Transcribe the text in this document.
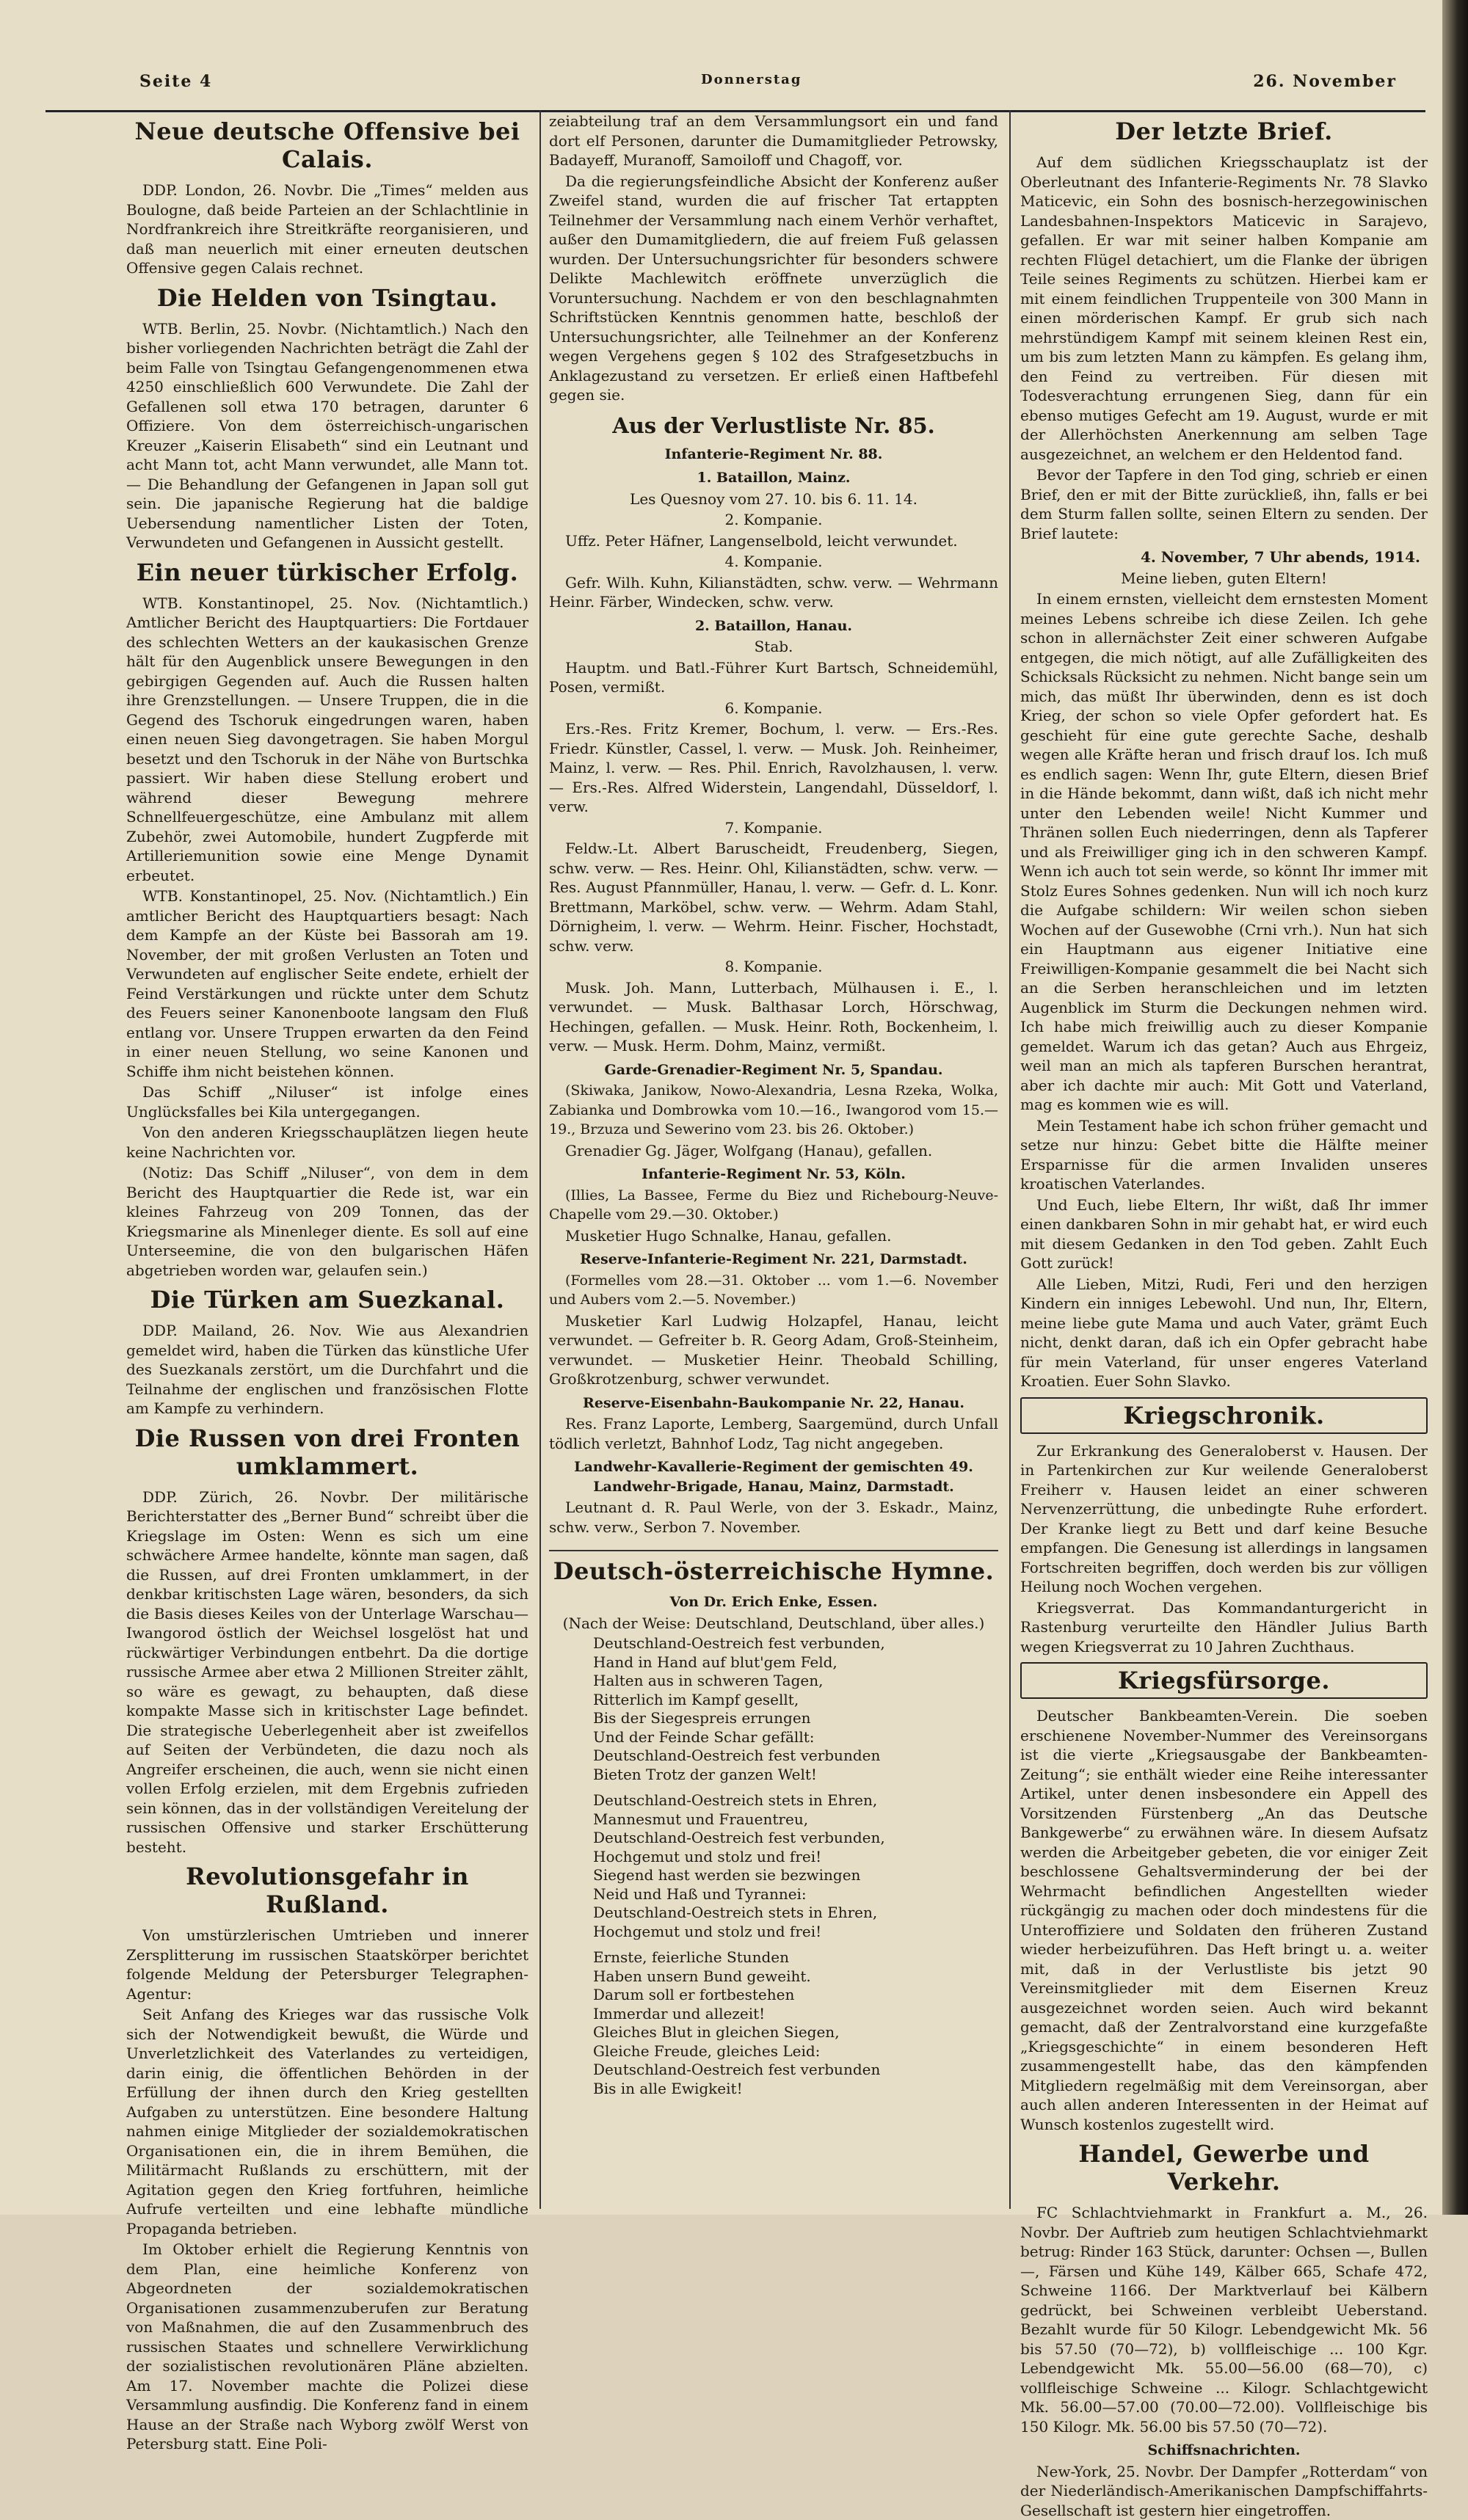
Seite 4	Donnerstag	26. November
Neue deutsche Offensive bei Calais.

DDP. London, 26. Novbr. Die „Times“ melden aus Boulogne, daß beide Parteien an der Schlachtlinie in Nordfrankreich ihre Streitkräfte reorganisieren, und daß man neuerlich mit einer erneuten deutschen Offensive gegen Calais rechnet.

Die Helden von Tsingtau.

WTB. Berlin, 25. Novbr. (Nichtamtlich.) Nach den bisher vorliegenden Nachrichten beträgt die Zahl der beim Falle von Tsingtau Gefangengenommenen etwa 4250 einschließlich 600 Verwundete. Die Zahl der Gefallenen soll etwa 170 betragen, darunter 6 Offiziere. Von dem österreichisch-ungarischen Kreuzer „Kaiserin Elisabeth“ sind ein Leutnant und acht Mann tot, acht Mann verwundet, alle Mann tot. — Die Behandlung der Gefangenen in Japan soll gut sein. Die japanische Regierung hat die baldige Uebersendung namentlicher Listen der Toten, Verwundeten und Gefangenen in Aussicht gestellt.

Ein neuer türkischer Erfolg.

WTB. Konstantinopel, 25. Nov. (Nichtamtlich.) Amtlicher Bericht des Hauptquartiers: Die Fortdauer des schlechten Wetters an der kaukasischen Grenze hält für den Augenblick unsere Bewegungen in den gebirgigen Gegenden auf. Auch die Russen halten ihre Grenzstellungen. — Unsere Truppen, die in die Gegend des Tschoruk eingedrungen waren, haben einen neuen Sieg davongetragen. Sie haben Morgul besetzt und den Tschoruk in der Nähe von Burtschka passiert. Wir haben diese Stellung erobert und während dieser Bewegung mehrere Schnellfeuergeschütze, eine Ambulanz mit allem Zubehör, zwei Automobile, hundert Zugpferde mit Artilleriemunition sowie eine Menge Dynamit erbeutet.

WTB. Konstantinopel, 25. Nov. (Nichtamtlich.) Ein amtlicher Bericht des Hauptquartiers besagt: Nach dem Kampfe an der Küste bei Bassorah am 19. November, der mit großen Verlusten an Toten und Verwundeten auf englischer Seite endete, erhielt der Feind Verstärkungen und rückte unter dem Schutz des Feuers seiner Kanonenboote langsam den Fluß entlang vor. Unsere Truppen erwarten da den Feind in einer neuen Stellung, wo seine Kanonen und Schiffe ihm nicht beistehen können.

Das Schiff „Niluser“ ist infolge eines Unglücksfalles bei Kila untergegangen.

Von den anderen Kriegsschauplätzen liegen heute keine Nachrichten vor.

(Notiz: Das Schiff „Niluser“, von dem in dem Bericht des Hauptquartier die Rede ist, war ein kleines Fahrzeug von 209 Tonnen, das der Kriegsmarine als Minenleger diente. Es soll auf eine Unterseemine, die von den bulgarischen Häfen abgetrieben worden war, gelaufen sein.)

Die Türken am Suezkanal.

DDP. Mailand, 26. Nov. Wie aus Alexandrien gemeldet wird, haben die Türken das künstliche Ufer des Suezkanals zerstört, um die Durchfahrt und die Teilnahme der englischen und französischen Flotte am Kampfe zu verhindern.

Die Russen von drei Fronten umklammert.

DDP. Zürich, 26. Novbr. Der militärische Berichterstatter des „Berner Bund“ schreibt über die Kriegslage im Osten: Wenn es sich um eine schwächere Armee handelte, könnte man sagen, daß die Russen, auf drei Fronten umklammert, in der denkbar kritischsten Lage wären, besonders, da sich die Basis dieses Keiles von der Unterlage Warschau—Iwangorod östlich der Weichsel losgelöst hat und rückwärtiger Verbindungen entbehrt. Da die dortige russische Armee aber etwa 2 Millionen Streiter zählt, so wäre es gewagt, zu behaupten, daß diese kompakte Masse sich in kritischster Lage befindet. Die strategische Ueberlegenheit aber ist zweifellos auf Seiten der Verbündeten, die dazu noch als Angreifer erscheinen, die auch, wenn sie nicht einen vollen Erfolg erzielen, mit dem Ergebnis zufrieden sein können, das in der vollständigen Vereitelung der russischen Offensive und starker Erschütterung besteht.

Revolutionsgefahr in Rußland.

Von umstürzlerischen Umtrieben und innerer Zersplitterung im russischen Staatskörper berichtet folgende Meldung der Petersburger Telegraphen-Agentur:

Seit Anfang des Krieges war das russische Volk sich der Notwendigkeit bewußt, die Würde und Unverletzlichkeit des Vaterlandes zu verteidigen, darin einig, die öffentlichen Behörden in der Erfüllung der ihnen durch den Krieg gestellten Aufgaben zu unterstützen. Eine besondere Haltung nahmen einige Mitglieder der sozialdemokratischen Organisationen ein, die in ihrem Bemühen, die Militärmacht Rußlands zu erschüttern, mit der Agitation gegen den Krieg fortfuhren, heimliche Aufrufe verteilten und eine lebhafte mündliche Propaganda betrieben.

Im Oktober erhielt die Regierung Kenntnis von dem Plan, eine heimliche Konferenz von Abgeordneten der sozialdemokratischen Organisationen zusammenzuberufen zur Beratung von Maßnahmen, die auf den Zusammenbruch des russischen Staates und schnellere Verwirklichung der sozialistischen revolutionären Pläne abzielten. Am 17. November machte die Polizei diese Versammlung ausfindig. Die Konferenz fand in einem Hause an der Straße nach Wyborg zwölf Werst von Petersburg statt. Eine Poli-

zeiabteilung traf an dem Versammlungsort ein und fand dort elf Personen, darunter die Dumamitglieder Petrowsky, Badayeff, Muranoff, Samoiloff und Chagoff, vor.

Da die regierungsfeindliche Absicht der Konferenz außer Zweifel stand, wurden die auf frischer Tat ertappten Teilnehmer der Versammlung nach einem Verhör verhaftet, außer den Dumamitgliedern, die auf freiem Fuß gelassen wurden. Der Untersuchungsrichter für besonders schwere Delikte Machlewitch eröffnete unverzüglich die Voruntersuchung. Nachdem er von den beschlagnahmten Schriftstücken Kenntnis genommen hatte, beschloß der Untersuchungsrichter, alle Teilnehmer an der Konferenz wegen Vergehens gegen § 102 des Strafgesetzbuchs in Anklagezustand zu versetzen. Er erließ einen Haftbefehl gegen sie.

Aus der Verlustliste Nr. 85.
Infanterie-Regiment Nr. 88.
1. Bataillon, Mainz.
Les Quesnoy vom 27. 10. bis 6. 11. 14.
2. Kompanie.

Uffz. Peter Häfner, Langenselbold, leicht verwundet.

4. Kompanie.

Gefr. Wilh. Kuhn, Kilianstädten, schw. verw. — Wehrmann Heinr. Färber, Windecken, schw. verw.

2. Bataillon, Hanau.
Stab.

Hauptm. und Batl.-Führer Kurt Bartsch, Schneidemühl, Posen, vermißt.

6. Kompanie.

Ers.-Res. Fritz Kremer, Bochum, l. verw. — Ers.-Res. Friedr. Künstler, Cassel, l. verw. — Musk. Joh. Reinheimer, Mainz, l. verw. — Res. Phil. Enrich, Ravolzhausen, l. verw. — Ers.-Res. Alfred Widerstein, Langendahl, Düsseldorf, l. verw.

7. Kompanie.

Feldw.-Lt. Albert Baruscheidt, Freudenberg, Siegen, schw. verw. — Res. Heinr. Ohl, Kilianstädten, schw. verw. — Res. August Pfannmüller, Hanau, l. verw. — Gefr. d. L. Konr. Brettmann, Marköbel, schw. verw. — Wehrm. Adam Stahl, Dörnigheim, l. verw. — Wehrm. Heinr. Fischer, Hochstadt, schw. verw.

8. Kompanie.

Musk. Joh. Mann, Lutterbach, Mülhausen i. E., l. verwundet. — Musk. Balthasar Lorch, Hörschwag, Hechingen, gefallen. — Musk. Heinr. Roth, Bockenheim, l. verw. — Musk. Herm. Dohm, Mainz, vermißt.

Garde-Grenadier-Regiment Nr. 5, Spandau.

(Skiwaka, Janikow, Nowo-Alexandria, Lesna Rzeka, Wolka, Zabianka und Dombrowka vom 10.—16., Iwangorod vom 15.—19., Brzuza und Sewerino vom 23. bis 26. Oktober.)

Grenadier Gg. Jäger, Wolfgang (Hanau), gefallen.

Infanterie-Regiment Nr. 53, Köln.

(Illies, La Bassee, Ferme du Biez und Richebourg-Neuve-Chapelle vom 29.—30. Oktober.)

Musketier Hugo Schnalke, Hanau, gefallen.

Reserve-Infanterie-Regiment Nr. 221, Darmstadt.

(Formelles vom 28.—31. Oktober ... vom 1.—6. November und Aubers vom 2.—5. November.)

Musketier Karl Ludwig Holzapfel, Hanau, leicht verwundet. — Gefreiter b. R. Georg Adam, Groß-Steinheim, verwundet. — Musketier Heinr. Theobald Schilling, Großkrotzenburg, schwer verwundet.

Reserve-Eisenbahn-Baukompanie Nr. 22, Hanau.

Res. Franz Laporte, Lemberg, Saargemünd, durch Unfall tödlich verletzt, Bahnhof Lodz, Tag nicht angegeben.

Landwehr-Kavallerie-Regiment der gemischten 49. Landwehr-Brigade, Hanau, Mainz, Darmstadt.

Leutnant d. R. Paul Werle, von der 3. Eskadr., Mainz, schw. verw., Serbon 7. November.

Deutsch-österreichische Hymne.
Von Dr. Erich Enke, Essen.
(Nach der Weise: Deutschland, Deutschland, über alles.)
Deutschland-Oestreich fest verbunden,
Hand in Hand auf blut'gem Feld,
Halten aus in schweren Tagen,
Ritterlich im Kampf gesellt,
Bis der Siegespreis errungen
Und der Feinde Schar gefällt:
Deutschland-Oestreich fest verbunden
Bieten Trotz der ganzen Welt!
Deutschland-Oestreich stets in Ehren,
Mannesmut und Frauentreu,
Deutschland-Oestreich fest verbunden,
Hochgemut und stolz und frei!
Siegend hast werden sie bezwingen
Neid und Haß und Tyrannei:
Deutschland-Oestreich stets in Ehren,
Hochgemut und stolz und frei!
Ernste, feierliche Stunden
Haben unsern Bund geweiht.
Darum soll er fortbestehen
Immerdar und allezeit!
Gleiches Blut in gleichen Siegen,
Gleiche Freude, gleiches Leid:
Deutschland-Oestreich fest verbunden
Bis in alle Ewigkeit!
Der letzte Brief.

Auf dem südlichen Kriegsschauplatz ist der Oberleutnant des Infanterie-Regiments Nr. 78 Slavko Maticevic, ein Sohn des bosnisch-herzegowinischen Landesbahnen-Inspektors Maticevic in Sarajevo, gefallen. Er war mit seiner halben Kompanie am rechten Flügel detachiert, um die Flanke der übrigen Teile seines Regiments zu schützen. Hierbei kam er mit einem feindlichen Truppenteile von 300 Mann in einen mörderischen Kampf. Er grub sich nach mehrstündigem Kampf mit seinem kleinen Rest ein, um bis zum letzten Mann zu kämpfen. Es gelang ihm, den Feind zu vertreiben. Für diesen mit Todesverachtung errungenen Sieg, dann für ein ebenso mutiges Gefecht am 19. August, wurde er mit der Allerhöchsten Anerkennung am selben Tage ausgezeichnet, an welchem er den Heldentod fand.

Bevor der Tapfere in den Tod ging, schrieb er einen Brief, den er mit der Bitte zurückließ, ihn, falls er bei dem Sturm fallen sollte, seinen Eltern zu senden. Der Brief lautete:

4. November, 7 Uhr abends, 1914.
Meine lieben, guten Eltern!

In einem ernsten, vielleicht dem ernstesten Moment meines Lebens schreibe ich diese Zeilen. Ich gehe schon in allernächster Zeit einer schweren Aufgabe entgegen, die mich nötigt, auf alle Zufälligkeiten des Schicksals Rücksicht zu nehmen. Nicht bange sein um mich, das müßt Ihr überwinden, denn es ist doch Krieg, der schon so viele Opfer gefordert hat. Es geschieht für eine gute gerechte Sache, deshalb wegen alle Kräfte heran und frisch drauf los. Ich muß es endlich sagen: Wenn Ihr, gute Eltern, diesen Brief in die Hände bekommt, dann wißt, daß ich nicht mehr unter den Lebenden weile! Nicht Kummer und Thränen sollen Euch niederringen, denn als Tapferer und als Freiwilliger ging ich in den schweren Kampf. Wenn ich auch tot sein werde, so könnt Ihr immer mit Stolz Eures Sohnes gedenken. Nun will ich noch kurz die Aufgabe schildern: Wir weilen schon sieben Wochen auf der Gusewobhe (Crni vrh.). Nun hat sich ein Hauptmann aus eigener Initiative eine Freiwilligen-Kompanie gesammelt die bei Nacht sich an die Serben heranschleichen und im letzten Augenblick im Sturm die Deckungen nehmen wird. Ich habe mich freiwillig auch zu dieser Kompanie gemeldet. Warum ich das getan? Auch aus Ehrgeiz, weil man an mich als tapferen Burschen herantrat, aber ich dachte mir auch: Mit Gott und Vaterland, mag es kommen wie es will.

Mein Testament habe ich schon früher gemacht und setze nur hinzu: Gebet bitte die Hälfte meiner Ersparnisse für die armen Invaliden unseres kroatischen Vaterlandes.

Und Euch, liebe Eltern, Ihr wißt, daß Ihr immer einen dankbaren Sohn in mir gehabt hat, er wird euch mit diesem Gedanken in den Tod geben. Zahlt Euch Gott zurück!

Alle Lieben, Mitzi, Rudi, Feri und den herzigen Kindern ein inniges Lebewohl. Und nun, Ihr, Eltern, meine liebe gute Mama und auch Vater, grämt Euch nicht, denkt daran, daß ich ein Opfer gebracht habe für mein Vaterland, für unser engeres Vaterland Kroatien. Euer Sohn Slavko.

Kriegschronik.

Zur Erkrankung des Generaloberst v. Hausen. Der in Partenkirchen zur Kur weilende Generaloberst Freiherr v. Hausen leidet an einer schweren Nervenzerrüttung, die unbedingte Ruhe erfordert. Der Kranke liegt zu Bett und darf keine Besuche empfangen. Die Genesung ist allerdings in langsamen Fortschreiten begriffen, doch werden bis zur völligen Heilung noch Wochen vergehen.

Kriegsverrat. Das Kommandanturgericht in Rastenburg verurteilte den Händler Julius Barth wegen Kriegsverrat zu 10 Jahren Zuchthaus.

Kriegsfürsorge.

Deutscher Bankbeamten-Verein. Die soeben erschienene November-Nummer des Vereinsorgans ist die vierte „Kriegsausgabe der Bankbeamten-Zeitung“; sie enthält wieder eine Reihe interessanter Artikel, unter denen insbesondere ein Appell des Vorsitzenden Fürstenberg „An das Deutsche Bankgewerbe“ zu erwähnen wäre. In diesem Aufsatz werden die Arbeitgeber gebeten, die vor einiger Zeit beschlossene Gehaltsverminderung der bei der Wehrmacht befindlichen Angestellten wieder rückgängig zu machen oder doch mindestens für die Unteroffiziere und Soldaten den früheren Zustand wieder herbeizuführen. Das Heft bringt u. a. weiter mit, daß in der Verlustliste bis jetzt 90 Vereinsmitglieder mit dem Eisernen Kreuz ausgezeichnet worden seien. Auch wird bekannt gemacht, daß der Zentralvorstand eine kurzgefaßte „Kriegsgeschichte“ in einem besonderen Heft zusammengestellt habe, das den kämpfenden Mitgliedern regelmäßig mit dem Vereinsorgan, aber auch allen anderen Interessenten in der Heimat auf Wunsch kostenlos zugestellt wird.

Handel, Gewerbe und Verkehr.

FC Schlachtviehmarkt in Frankfurt a. M., 26. Novbr. Der Auftrieb zum heutigen Schlachtviehmarkt betrug: Rinder 163 Stück, darunter: Ochsen —, Bullen —, Färsen und Kühe 149, Kälber 665, Schafe 472, Schweine 1166. Der Marktverlauf bei Kälbern gedrückt, bei Schweinen verbleibt Ueberstand. Bezahlt wurde für 50 Kilogr. Lebendgewicht Mk. 56 bis 57.50 (70—72), b) vollfleischige ... 100 Kgr. Lebendgewicht Mk. 55.00—56.00 (68—70), c) vollfleischige Schweine ... Kilogr. Schlachtgewicht Mk. 56.00—57.00 (70.00—72.00). Vollfleischige bis 150 Kilogr. Mk. 56.00 bis 57.50 (70—72).

Schiffsnachrichten.

New-York, 25. Novbr. Der Dampfer „Rotterdam“ von der Niederländisch-Amerikanischen Dampfschiffahrts-Gesellschaft ist gestern hier eingetroffen.
